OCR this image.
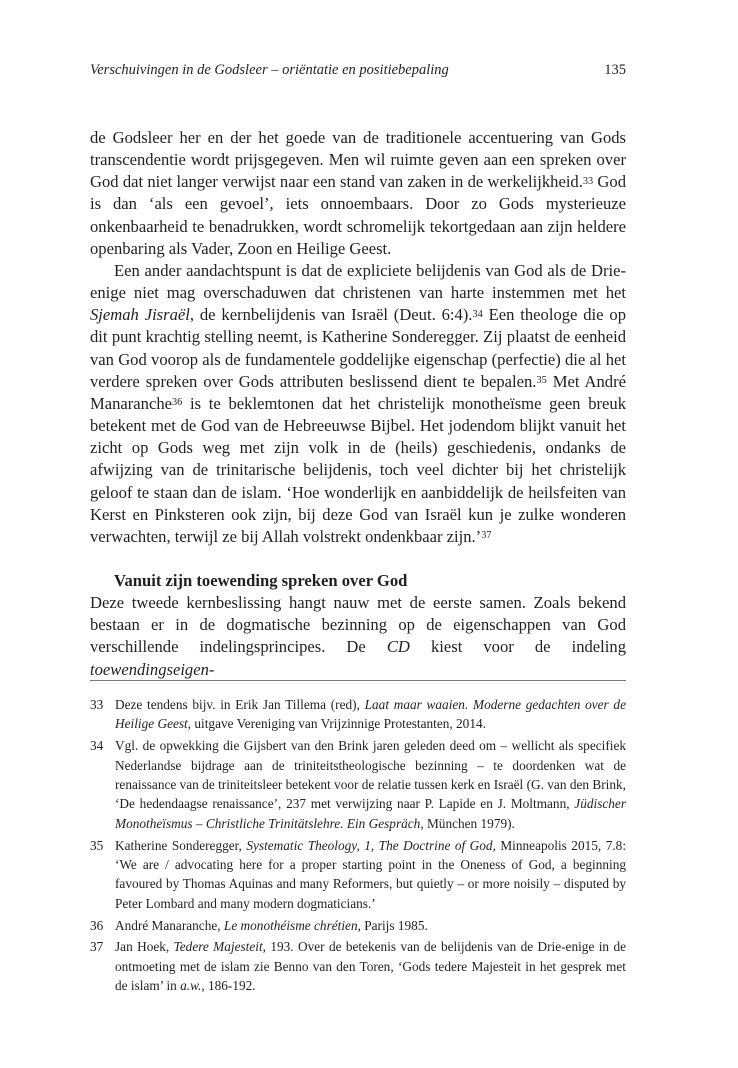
Verschuivingen in de Godsleer – oriëntatie en positiebepaling	135

de Godsleer her en der het goede van de traditionele accentuering van Gods transcendentie wordt prijsgegeven. Men wil ruimte geven aan een spreken over God dat niet langer verwijst naar een stand van zaken in de werkelijkheid.$^{33}$ God is dan ‘als een gevoel’, iets onnoembaars. Door zo Gods mysterieuze onkenbaarheid te benadrukken, wordt schromelijk tekortgedaan aan zijn heldere openbaring als Vader, Zoon en Heilige Geest.

Een ander aandachtspunt is dat de expliciete belijdenis van God als de Drie-enige niet mag overschaduwen dat christenen van harte instemmen met het Sjemah Jisraël, de kernbelijdenis van Israël (Deut. 6:4).$^{34}$ Een theologe die op dit punt krachtig stelling neemt, is Katherine Sonderegger. Zij plaatst de eenheid van God voorop als de fundamentele goddelijke eigenschap (perfectie) die al het verdere spreken over Gods attributen beslissend dient te bepalen.$^{35}$ Met André Manaranche$^{36}$ is te beklemtonen dat het christelijk monotheïsme geen breuk betekent met de God van de Hebreeuwse Bijbel. Het jodendom blijkt vanuit het zicht op Gods weg met zijn volk in de (heils) geschiedenis, ondanks de afwijzing van de trinitarische belijdenis, toch veel dichter bij het christelijk geloof te staan dan de islam. ‘Hoe wonderlijk en aanbiddelijk de heilsfeiten van Kerst en Pinksteren ook zijn, bij deze God van Israël kun je zulke wonderen verwachten, terwijl ze bij Allah volstrekt ondenkbaar zijn.’$^{37}$

Vanuit zijn toewending spreken over God

Deze tweede kernbeslissing hangt nauw met de eerste samen. Zoals bekend bestaan er in de dogmatische bezinning op de eigenschappen van God verschillende indelingsprincipes. De CD kiest voor de indeling toewendingseigen-

33 Deze tendens bijv. in Erik Jan Tillema (red), Laat maar waaien. Moderne gedachten over de Heilige Geest, uitgave Vereniging van Vrijzinnige Protestanten, 2014.
34 Vgl. de opwekking die Gijsbert van den Brink jaren geleden deed om – wellicht als specifiek Nederlandse bijdrage aan de triniteitstheologische bezinning – te doordenken wat de renaissance van de triniteitsleer betekent voor de relatie tussen kerk en Israël (G. van den Brink, ‘De hedendaagse renaissance’, 237 met verwijzing naar P. Lapide en J. Moltmann, Jüdischer Monotheïsmus – Christliche Trinitätslehre. Ein Gespräch, München 1979).
35 Katherine Sonderegger, Systematic Theology, 1, The Doctrine of God, Minneapolis 2015, 7.8: ‘We are / advocating here for a proper starting point in the Oneness of God, a beginning favoured by Thomas Aquinas and many Reformers, but quietly – or more noisily – disputed by Peter Lombard and many modern dogmaticians.’
36 André Manaranche, Le monothéisme chrétien, Parijs 1985.
37 Jan Hoek, Tedere Majesteit, 193. Over de betekenis van de belijdenis van de Drie-enige in de ontmoeting met de islam zie Benno van den Toren, ‘Gods tedere Majesteit in het gesprek met de islam’ in a.w., 186-192.
